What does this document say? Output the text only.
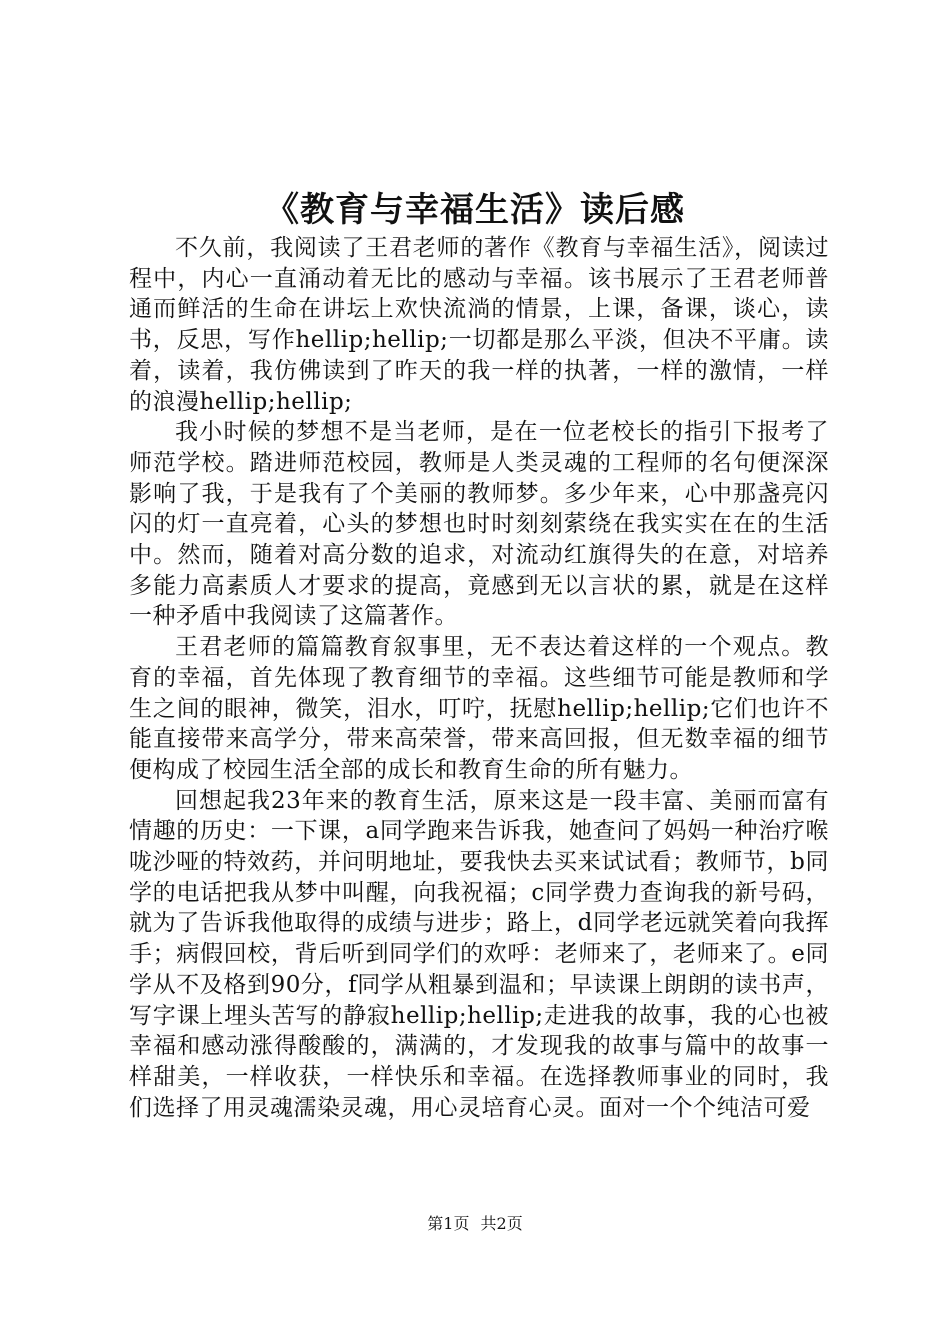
《教育与幸福生活》读后感

不久前，我阅读了王君老师的著作《教育与幸福生活》，阅读过程中，内心一直涌动着无比的感动与幸福。该书展示了王君老师普通而鲜活的生命在讲坛上欢快流淌的情景，上课，备课，谈心，读书，反思，写作hellip;hellip;一切都是那么平淡，但决不平庸。读着，读着，我仿佛读到了昨天的我一样的执著，一样的激情，一样的浪漫hellip;hellip;

我小时候的梦想不是当老师，是在一位老校长的指引下报考了师范学校。踏进师范校园，教师是人类灵魂的工程师的名句便深深影响了我，于是我有了个美丽的教师梦。多少年来，心中那盏亮闪闪的灯一直亮着，心头的梦想也时时刻刻萦绕在我实实在在的生活中。然而，随着对高分数的追求，对流动红旗得失的在意，对培养多能力高素质人才要求的提高，竟感到无以言状的累，就是在这样一种矛盾中我阅读了这篇著作。

王君老师的篇篇教育叙事里，无不表达着这样的一个观点。教育的幸福，首先体现了教育细节的幸福。这些细节可能是教师和学生之间的眼神，微笑，泪水，叮咛，抚慰hellip;hellip;它们也许不能直接带来高学分，带来高荣誉，带来高回报，但无数幸福的细节便构成了校园生活全部的成长和教育生命的所有魅力。

回想起我23年来的教育生活，原来这是一段丰富、美丽而富有情趣的历史：一下课，a同学跑来告诉我，她查问了妈妈一种治疗喉咙沙哑的特效药，并问明地址，要我快去买来试试看；教师节，b同学的电话把我从梦中叫醒，向我祝福；c同学费力查询我的新号码，就为了告诉我他取得的成绩与进步；路上，d同学老远就笑着向我挥手；病假回校，背后听到同学们的欢呼：老师来了，老师来了。e同学从不及格到90分，f同学从粗暴到温和；早读课上朗朗的读书声，写字课上埋头苦写的静寂hellip;hellip;走进我的故事，我的心也被幸福和感动涨得酸酸的，满满的，才发现我的故事与篇中的故事一样甜美，一样收获，一样快乐和幸福。在选择教师事业的同时，我们选择了用灵魂濡染灵魂，用心灵培育心灵。面对一个个纯洁可爱

第1页 共2页
